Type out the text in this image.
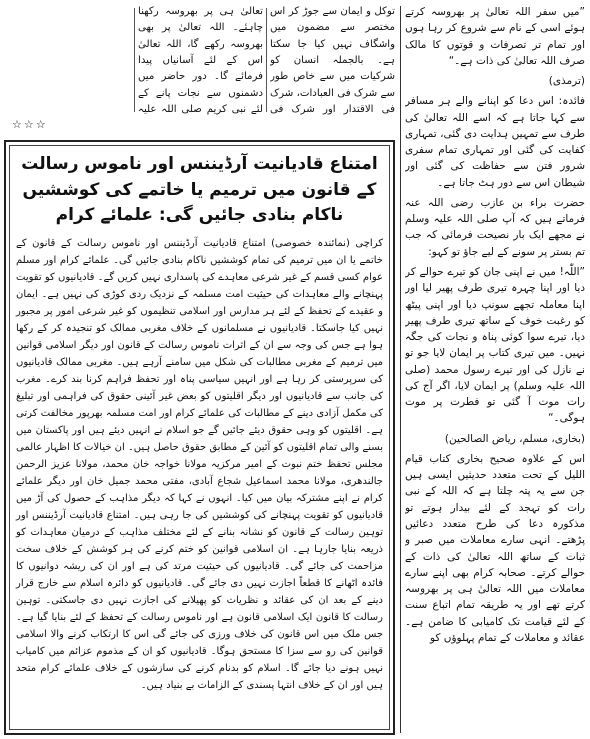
”میں سفر اللہ تعالیٰ پر بھروسہ کرتے ہوئے اسی کے نام سے شروع کر رہا ہوں اور تمام تر تصرفات و قوتوں کا مالک صرف اللہ تعالیٰ کی ذات ہے۔“

(ترمذی)

فائدہ: اس دعا کو اپنانے والے ہر مسافر سے کہا جاتا ہے کہ اسے اللہ تعالیٰ کی طرف سے تمہیں ہدایت دی گئی، تمہاری کفایت کی گئی اور تمہاری تمام سفری شرور فتن سے حفاظت کی گئی اور شیطان اس سے دور ہٹ جاتا ہے۔

حضرت براء بن عازب رضی اللہ عنہ فرماتے ہیں کہ آپ صلی اللہ علیہ وسلم نے مجھے ایک بار نصیحت فرمائی کہ جب تم بستر پر سونے کے لیے جاؤ تو کہو:

”اللّٰہ! میں نے اپنی جان کو تیرے حوالے کر دیا اور اپنا چہرہ تیری طرف پھیر لیا اور اپنا معاملہ تجھے سونپ دیا اور اپنی پیٹھ کو رغبت خوف کے ساتھ تیری طرف پھیر دیا، تیرے سوا کوئی پناہ و نجات کی جگہ نہیں۔ میں تیری کتاب پر ایمان لایا جو تو نے نازل کی اور تیرے رسول محمد (صلی اللہ علیہ وسلم) پر ایمان لایا، اگر آج کی رات موت آ گئی تو فطرت پر موت ہوگی۔“

(بخاری، مسلم، ریاض الصالحین)

اس کے علاوہ صحیح بخاری کتاب قیام اللیل کے تحت متعدد حدیثیں ایسی ہیں جن سے یہ پتہ چلتا ہے کہ اللہ کے نبی رات کو تہجد کے لئے بیدار ہوتے تو مذکورہ دعا کی طرح متعدد دعائیں پڑھتے۔ انہی سارے معاملات میں صبر و ثبات کے ساتھ اللہ تعالیٰ کی ذات کے حوالے کرتے۔ صحابہ کرام بھی اپنے سارے معاملات میں اللہ تعالیٰ ہی پر بھروسہ کرتے تھے اور یہ طریقہ تمام اتباع سنت کے لئے قیامت تک کامیابی کا ضامن ہے۔ عقائد و معاملات کے تمام پہلوؤں کو

توکل و ایمان سے جوڑ کر اس مختصر سے مضمون میں واشگاف نہیں کیا جا سکتا ہے۔ بالجملہ انسان کو شرکیات میں سے خاص طور سے شرک فی العبادات، شرک فی الاقتدار اور شرک فی
تعالیٰ ہی پر بھروسہ رکھنا چاہئے۔ اللہ تعالیٰ پر بھی بھروسہ رکھے گا، اللہ تعالیٰ اس کے لئے آسانیاں پیدا فرمائے گا۔ دور حاضر میں دشمنوں سے نجات پانے کے لئے نبی کریم صلی اللہ علیہ
☆☆☆
امتناع قادیانیت آرڈیننس اور ناموس رسالت کے قانون میں ترمیم یا خاتمے کی کوششیں ناکام بنادی جائیں گی: علمائے کرام

کراچی (نمائندہ خصوصی) امتناع قادیانیت آرڈیننس اور ناموس رسالت کے قانون کے خاتمے یا ان میں ترمیم کی تمام کوششیں ناکام بنادی جائیں گی۔ علمائے کرام اور مسلم عوام کسی قسم کے غیر شرعی معاہدے کی پاسداری نہیں کریں گے۔ قادیانیوں کو تقویت پہنچانے والے معاہدات کی حیثیت امت مسلمہ کے نزدیک ردی کوڑی کی نہیں ہے۔ ایمان و عقیدے کے تحفظ کے لئے ہر مدارس اور اسلامی تنظیموں کو غیر شرعی امور پر مجبور نہیں کیا جاسکتا۔ قادیانیوں نے مسلمانوں کے خلاف مغربی ممالک کو تنجیدہ کر کے رکھا ہوا ہے جس کی وجہ سے ان کے اثرات ناموس رسالت کے قانون اور دیگر اسلامی قوانین میں ترمیم کے مغربی مطالبات کی شکل میں سامنے آرہے ہیں۔ مغربی ممالک قادیانیوں کی سرپرستی کر رہا ہے اور انہیں سیاسی پناہ اور تحفظ فراہم کرنا بند کرے۔ مغرب کی جانب سے قادیانیوں اور دیگر اقلیتوں کو بعض غیر آئینی حقوق کی فراہمی اور تبلیغ کی مکمل آزادی دینے کے مطالبات کی علمائے کرام اور امت مسلمہ بھرپور مخالفت کرتی ہے۔ اقلیتوں کو وہی حقوق دیئے جائیں گے جو اسلام نے انہیں دیئے ہیں اور پاکستان میں بسنے والی تمام اقلیتوں کو آئین کے مطابق حقوق حاصل ہیں۔ ان خیالات کا اظہار عالمی مجلس تحفظ ختم نبوت کے امیر مرکزیہ مولانا خواجہ خان محمد، مولانا عزیز الرحمن جالندھری، مولانا محمد اسماعیل شجاع آبادی، مفتی محمد جمیل خان اور دیگر علمائے کرام نے اپنے مشترکہ بیان میں کیا۔ انہوں نے کہا کہ دیگر مذاہب کے حصول کی آڑ میں قادیانیوں کو تقویت پہنچانے کی کوششیں کی جا رہی ہیں۔ امتناع قادیانیت آرڈیننس اور توہین رسالت کے قانون کو نشانہ بنانے کے لئے مختلف مذاہب کے درمیان معاہدات کو ذریعہ بنایا جارہا ہے۔ ان اسلامی قوانین کو ختم کرنے کی ہر کوشش کے خلاف سخت مزاحمت کی جائے گی۔ قادیانیوں کی حیثیت مرتد کی ہے اور ان کی ریشہ دوانیوں کا فائدہ اٹھانے کا قطعاً اجازت نہیں دی جائے گی۔ قادیانیوں کو دائرہ اسلام سے خارج قرار دینے کے بعد ان کی عقائد و نظریات کو پھیلانے کی اجازت نہیں دی جاسکتی۔ توہین رسالت کا قانون ایک اسلامی قانون ہے اور ناموس رسالت کے تحفظ کے لئے بنایا گیا ہے۔ جس ملک میں اس قانون کی خلاف ورزی کی جائے گی اس کا ارتکاب کرنے والا اسلامی قوانین کی رو سے سزا کا مستحق ہوگا۔ قادیانیوں کو ان کے مذموم عزائم میں کامیاب نہیں ہونے دیا جائے گا۔ اسلام کو بدنام کرنے کی سازشوں کے خلاف علمائے کرام متحد ہیں اور ان کے خلاف انتہا پسندی کے الزامات بے بنیاد ہیں۔
